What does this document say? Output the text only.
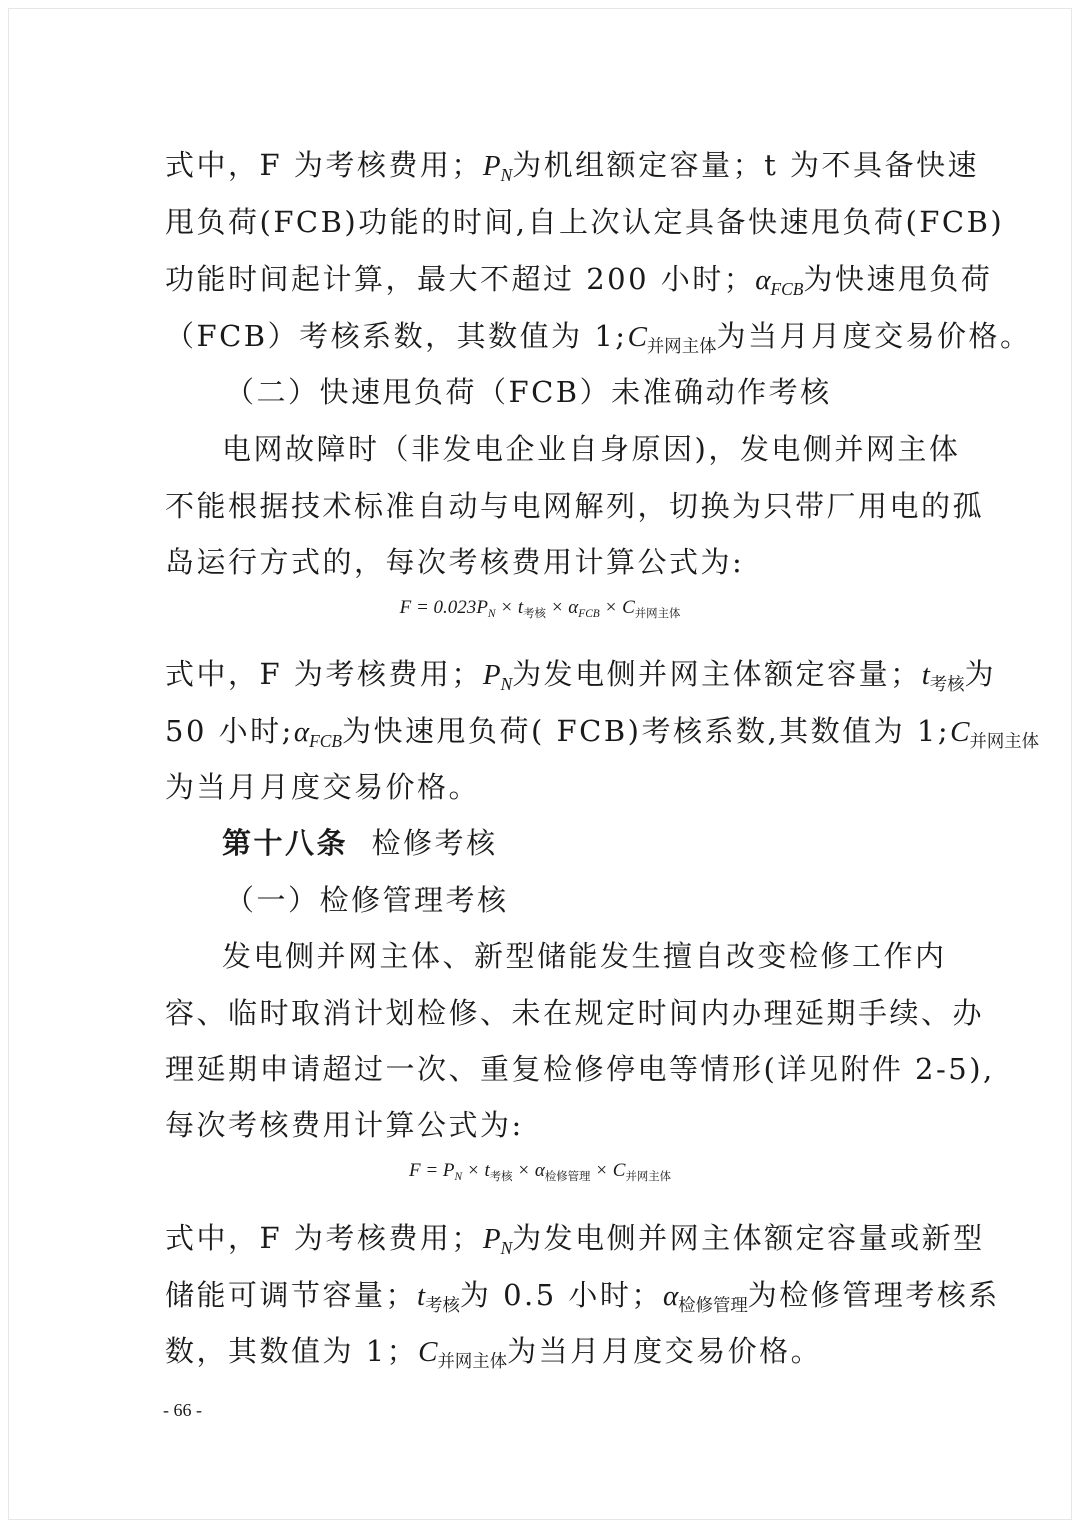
式中，F 为考核费用；$P_N$为机组额定容量；t 为不具备快速
甩负荷(FCB)功能的时间,自上次认定具备快速甩负荷(FCB)
功能时间起计算，最大不超过 200 小时；$\alpha_{FCB}$为快速甩负荷
（FCB）考核系数，其数值为 $1;C_{并网主体}$为当月月度交易价格。
（二）快速甩负荷（FCB）未准确动作考核
电网故障时（非发电企业自身原因)，发电侧并网主体
不能根据技术标准自动与电网解列，切换为只带厂用电的孤
岛运行方式的，每次考核费用计算公式为:
$F = 0.023P_N \times t_{考核} \times \alpha_{FCB} \times C_{并网主体}$
式中，F 为考核费用；$P_N$为发电侧并网主体额定容量；$t_{考核}$为
50 小时$;\alpha_{FCB}$为快速甩负荷( FCB)考核系数,其数值为 $1;C_{并网主体}$
为当月月度交易价格。
第十八条 检修考核
（一）检修管理考核
发电侧并网主体、新型储能发生擅自改变检修工作内
容、临时取消计划检修、未在规定时间内办理延期手续、办
理延期申请超过一次、重复检修停电等情形(详见附件 2-5),
每次考核费用计算公式为:
$F = P_N \times t_{考核} \times \alpha_{检修管理} \times C_{并网主体}$
式中，F 为考核费用；$P_N$为发电侧并网主体额定容量或新型
储能可调节容量；$t_{考核}$为 0.5 小时；$\alpha_{检修管理}$为检修管理考核系
数，其数值为 1；$C_{并网主体}$为当月月度交易价格。
- 66 -
